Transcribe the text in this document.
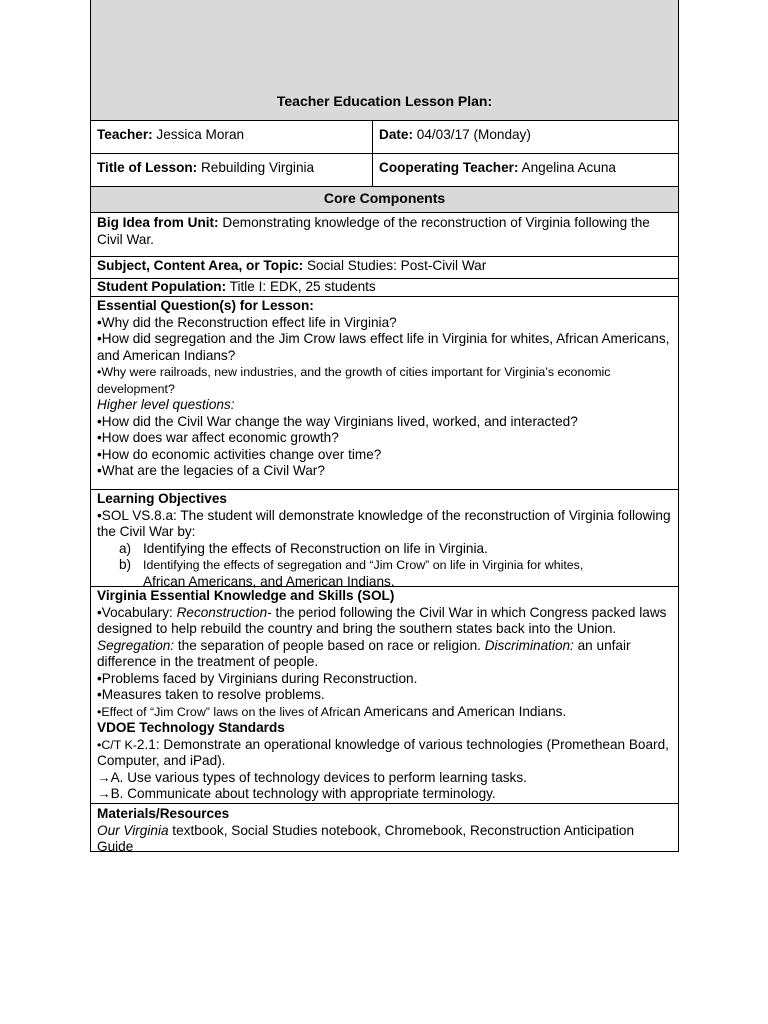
Teacher Education Lesson Plan:
Teacher: Jessica Moran	Date: 04/03/17 (Monday)
Title of Lesson: Rebuilding Virginia	Cooperating Teacher: Angelina Acuna
Core Components
Big Idea from Unit: Demonstrating knowledge of the reconstruction of Virginia following the Civil War.
Subject, Content Area, or Topic: Social Studies: Post-Civil War
Student Population: Title I: EDK, 25 students
Essential Question(s) for Lesson:
•Why did the Reconstruction effect life in Virginia?
•How did segregation and the Jim Crow laws effect life in Virginia for whites, African Americans, and American Indians?
•Why were railroads, new industries, and the growth of cities important for Virginia’s economic development?
Higher level questions:
•How did the Civil War change the way Virginians lived, worked, and interacted?
•How does war affect economic growth?
•How do economic activities change over time?
•What are the legacies of a Civil War?
Learning Objectives
•SOL VS.8.a: The student will demonstrate knowledge of the reconstruction of Virginia following the Civil War by:
a) Identifying the effects of Reconstruction on life in Virginia.
b) Identifying the effects of segregation and “Jim Crow” on life in Virginia for whites,
African Americans, and American Indians.
Virginia Essential Knowledge and Skills (SOL)
•Vocabulary: Reconstruction- the period following the Civil War in which Congress packed laws designed to help rebuild the country and bring the southern states back into the Union. Segregation: the separation of people based on race or religion. Discrimination: an unfair difference in the treatment of people.
•Problems faced by Virginians during Reconstruction.
•Measures taken to resolve problems.
•Effect of “Jim Crow” laws on the lives of African Americans and American Indians.
VDOE Technology Standards
•C/T K-2.1: Demonstrate an operational knowledge of various technologies (Promethean Board, Computer, and iPad).
→A. Use various types of technology devices to perform learning tasks.
→B. Communicate about technology with appropriate terminology.
Materials/Resources
Our Virginia textbook, Social Studies notebook, Chromebook, Reconstruction Anticipation Guide
